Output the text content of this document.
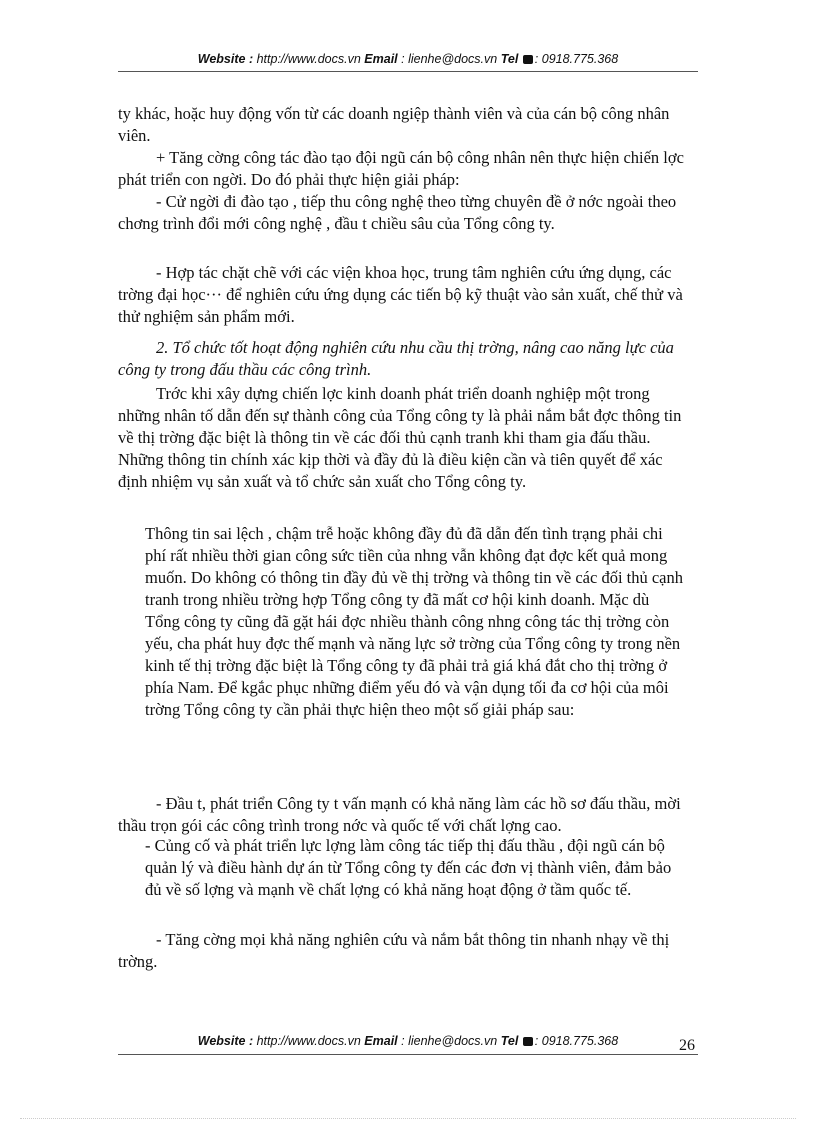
Website : http://www.docs.vn Email : lienhe@docs.vn Tel : 0918.775.368

ty khác, hoặc huy động vốn từ các doanh ngiệp thành viên và của cán bộ công nhân viên.

+ Tăng cờng công tác đào tạo đội ngũ cán bộ công nhân nên thực hiện chiến lợc phát triển con ngời. Do đó phải thực hiện giải pháp:

- Cử ngời đi đào tạo , tiếp thu công nghệ theo từng chuyên đề ở nớc ngoài theo chơng trình đổi mới công nghệ , đầu t chiều sâu của Tổng công ty.

- Hợp tác chặt chẽ với các viện khoa học, trung tâm nghiên cứu ứng dụng, các trờng đại học··· để nghiên cứu ứng dụng các tiến bộ kỹ thuật vào sản xuất, chế thử và thử nghiệm sản phẩm mới.

2. Tổ chức tốt hoạt động nghiên cứu nhu cầu thị trờng, nâng cao năng lực của công ty trong đấu thầu các công trình.

Trớc khi xây dựng chiến lợc kinh doanh phát triển doanh nghiệp một trong những nhân tố dẫn đến sự thành công của Tổng công ty là phải nắm bắt đợc thông tin về thị trờng đặc biệt là thông tin về các đối thủ cạnh tranh khi tham gia đấu thầu. Những thông tin chính xác kịp thời và đầy đủ là điều kiện cần và tiên quyết để xác định nhiệm vụ sản xuất và tổ chức sản xuất cho Tổng công ty.

Thông tin sai lệch , chậm trễ hoặc không đầy đủ đã dẫn đến tình trạng phải chi phí rất nhiều thời gian công sức tiền của nhng vẫn không đạt đợc kết quả mong muốn. Do không có thông tin đầy đủ về thị trờng và thông tin về các đối thủ cạnh tranh trong nhiều trờng hợp Tổng công ty đã mất cơ hội kinh doanh. Mặc dù Tổng công ty cũng đã gặt hái đợc nhiều thành công nhng công tác thị trờng còn yếu, cha phát huy đợc thế mạnh và năng lực sở trờng của Tổng công ty trong nền kinh tế thị trờng đặc biệt là Tổng công ty đã phải trả giá khá đắt cho thị trờng ở phía Nam. Để kgắc phục những điểm yếu đó và vận dụng tối đa cơ hội của môi trờng Tổng công ty cần phải thực hiện theo một số giải pháp sau:

- Đầu t, phát triển Công ty t vấn mạnh có khả năng làm các hồ sơ đấu thầu, mời thầu trọn gói các công trình trong nớc và quốc tế với chất lợng cao.

- Củng cố và phát triển lực lợng làm công tác tiếp thị đấu thầu , đội ngũ cán bộ quản lý và điều hành dự án từ Tổng công ty đến các đơn vị thành viên, đảm bảo đủ về số lợng và mạnh về chất lợng có khả năng hoạt động ở tầm quốc tế.

- Tăng cờng mọi khả năng nghiên cứu và nắm bắt thông tin nhanh nhạy về thị trờng.

Website : http://www.docs.vn Email : lienhe@docs.vn Tel : 0918.775.368	26
